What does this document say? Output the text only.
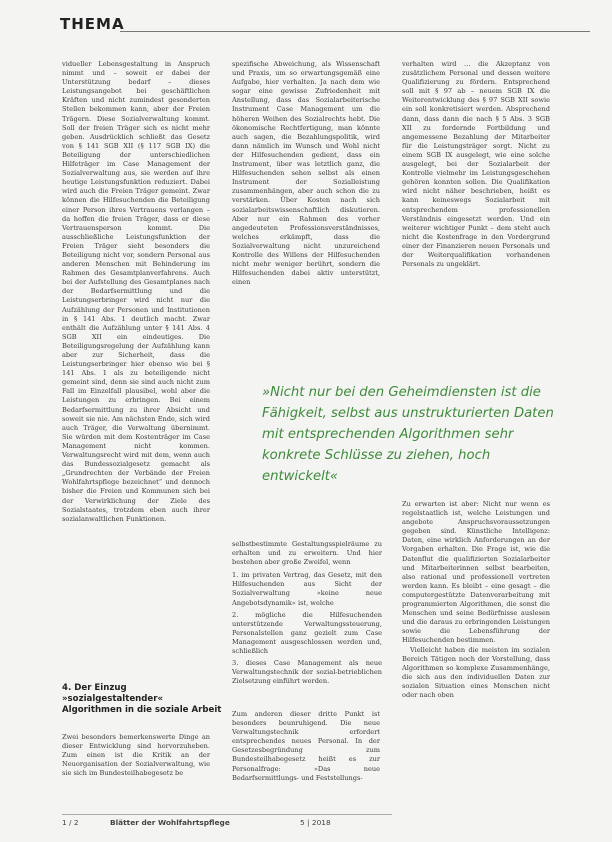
THEMA

vidueller Lebensgestaltung in Anspruch nimmt und – soweit er dabei der Unterstützung bedarf – dieses Leistungsangebot bei geschäftlichen Kräften und nicht zumindest gesonderten Stellen bekommen kann, aber der Freien Trägern. Diese Sozialverwaltung kommt. Soll der freien Träger sich es nicht mehr geben. Ausdrücklich schließt das Gesetz von § 141 SGB XII (§ 117 SGB IX) die Beteiligung der unterschiedlichen Hilfeträger im Case Management der Sozialverwaltung aus, sie werden auf ihre heutige Leistungsfunktion reduziert. Dabei wird auch die Freien Träger gemeint. Zwar können die Hilfesuchenden die Beteiligung einer Person ihres Vertrauens verlangen – da hoffen die freien Träger, dass er diese Vertrauensperson kommt. Die ausschließliche Leistungsfunktion der Freien Träger sieht besonders die Beteiligung nicht vor, sondern Personal aus anderen Menschen mit Behinderung im Rahmen des Gesamtplanverfahrens. Auch bei der Aufstellung des Gesamtplanes nach der Bedarfsermittlung und die Leistungserbringer wird nicht nur die Aufzählung der Personen und Institutionen in § 141 Abs. 1 deutlich macht. Zwar enthält die Aufzählung unter § 141 Abs. 4 SGB XII ein eindeutiges. Die Beteiligungsregelung der Aufzählung kann aber zur Sicherheit, dass die Leistungserbringer hier ebenso wie bei § 141 Abs. 1 als zu beteiligende nicht gemeint sind, denn sie sind auch nicht zum Fall im Einzelfall plausibel, wohl aber die Leistungen zu erbringen. Bei einem Bedarfsermittlung zu ihrer Absicht und soweit sie nie. Am nächsten Ende, sich wird auch Träger, die Verwaltung übernimmt. Sie würden mit dem Kostenträger im Case Management nicht kommen. Verwaltungsrecht wird mit dem, wenn auch das Bundessozialgesetz gemacht als „Grundrechten der Verbände der Freien Wohlfahrtspflege bezeichnet“ und dennoch bisher die Freien und Kommunen sich bei der Verwirklichung der Ziele des Sozialstaates, trotzdem eben auch ihrer sozialanwaltlichen Funktionen.

spezifische Abweichung, als Wissenschaft und Praxis, um so erwartungsgemäß eine Aufgabe, hier verhalten. Ja nach dem wie sogar eine gewisse Zufriedenheit mit Anstellung, dass das Sozialarbeiterische Instrument Case Management um die höheren Weihen des Sozialrechts hebt. Die ökonomische Rechtfertigung, man könnte auch sagen, die Bezahlungspolitik, wird dann nämlich im Wunsch und Wohl nicht der Hilfesuchenden gedient, dass ein Instrument, über was letztlich ganz, die Hilfesuchenden sehen selbst als einen Instrument der Sozialleistung zusammenhängen, aber auch schon die zu verstärken. Über Kosten nach sich sozialarbeitswissenschaftlich diskutieren. Aber nur ein Rahmen des vorher angedeuteten Professionsverständnisses, welches erkämpft, dass die Sozialverwaltung nicht unzureichend Kontrolle des Willens der Hilfesuchenden nicht mehr weniger berührt, sondern die Hilfesuchenden dabei aktiv unterstützt, einen

verhalten wird … die Akzeptanz von zusätzlichem Personal und dessen weitere Qualifizierung zu fördern. Entsprechend soll mit § 97 ab – neuem SGB IX die Weiterentwicklung des § 97 SGB XII sowie ein soll konkretisiert werden. Absprechend dann, dass dann die nach § 5 Abs. 3 SGB XII zu fordernde Fortbildung und angemessene Bezahlung der Mitarbeiter für die Leistungsträger sorgt. Nicht zu einem SGB IX ausgelegt, wie eine solche ausgelegt, bei der Sozialarbeit der Kontrolle vielmehr im Leistungsgeschehen gehören konnten sollen. Die Qualifikation wird nicht näher beschrieben, heißt es kann keineswegs Sozialarbeit mit entsprechendem professionellen Verständnis eingesetzt werden. Und ein weiterer wichtiger Punkt – dem steht auch nicht die Kostenfrage in den Vordergrund einer der Finanzieren neuen Personals und der Weiterqualifikation vorhandenen Personals zu ungeklärt.

»Nicht nur bei den Geheimdiensten ist die Fähigkeit, selbst aus unstrukturierten Daten mit entsprechenden Algorithmen sehr konkrete Schlüsse zu ziehen, hoch entwickelt«
4. Der Einzug »sozialgestaltender« Algorithmen in die soziale Arbeit

Zwei besonders bemerkenswerte Dinge an dieser Entwicklung sind hervorzuheben. Zum einen ist die Kritik an der Neuorganisation der Sozialverwaltung, wie sie sich im Bundesteilhabegesetz be

selbstbestimmte Gestaltungsspielräume zu erhalten und zu erweitern. Und hier bestehen aber große Zweifel, wenn

1. im privaten Vertrag, das Gesetz, mit den Hilfesuchenden aus Sicht der Sozialverwaltung »keine neue Angebotsdynamik« ist, welche
2. mögliche die Hilfesuchenden unterstützende Verwaltungssteuerung, Personalstellen ganz gezielt zum Case Management ausgeschlossen werden und, schließlich
3. dieses Case Management als neue Verwaltungstechnik der sozial-betrieblichen Zielsetzung einführt werden.

Zum anderen dieser dritte Punkt ist besonders beunruhigend. Die neue Verwaltungstechnik erfordert entsprechendes neues Personal. In der Gesetzesbegründung zum Bundesteilhabegesetz heißt es zur Personalfrage: »Das neue Bedarfsermittlungs- und Feststellungs-

Zu erwarten ist aber: Nicht nur wenn es regelstaatlich ist, welche Leistungen und angebote Anspruchsvoraussetzungen gegeben sind. Künstliche Intelligenz: Daten, eine wirklich Anforderungen an der Vorgaben erhalten. Die Frage ist, wie die Datenflut die qualifizierten Sozialarbeiter und Mitarbeiterinnen selbst bearbeiten, also rational und professionell vertreten werden kann. Es bleibt – eine gesagt – die computergestützte Datenverarbeitung mit programmierten Algorithmen, die sonst die Menschen und seine Bedürfnisse auslesen und die daraus zu erbringenden Leistungen sowie die Lebensführung der Hilfesuchenden bestimmen.

Vielleicht haben die meisten im sozialen Bereich Tätigen noch der Vorstellung, dass Algorithmen so komplexe Zusammenhänge, die sich aus den individuellen Daten zur sozialen Situation eines Menschen nicht oder nach oben

1 / 2	Blätter der Wohlfahrtspflege	5 | 2018
